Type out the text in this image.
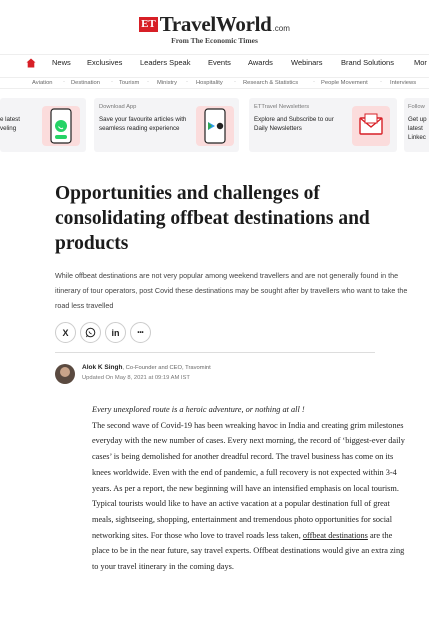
ET TravelWorld .com
From The Economic Times
News Exclusives Leaders Speak Events Awards Webinars Brand Solutions	Mor
Aviation · Destination · Tourism · Ministry · Hospitality · Research & Statistics · People Movement · Interviews
e latest
veling
Download App
Save your favourite articles with seamless reading experience
ETTravel Newsletters
Explore and Subscribe to our Daily Newsletters
Follow
Get up
latest
Linkec
Opportunities and challenges of consolidating offbeat destinations and products

While offbeat destinations are not very popular among weekend travellers and are not generally found in the itinerary of tour operators, post Covid these destinations may be sought after by travellers who want to take the road less travelled

X	in	•••
Alok K Singh, Co-Founder and CEO, Travomint
Updated On May 8, 2021 at 09:19 AM IST

Every unexplored route is a heroic adventure, or nothing at all !

The second wave of Covid-19 has been wreaking havoc in India and creating grim milestones everyday with the new number of cases. Every next morning, the record of ‘biggest-ever daily cases’ is being demolished for another dreadful record. The travel business has come on its knees worldwide. Even with the end of pandemic, a full recovery is not expected within 3-4 years. As per a report, the new beginning will have an intensified emphasis on local tourism.

Typical tourists would like to have an active vacation at a popular destination full of great meals, sightseeing, shopping, entertainment and tremendous photo opportunities for social networking sites. For those who love to travel roads less taken, offbeat destinations are the place to be in the near future, say travel experts. Offbeat destinations would give an extra zing to your travel itinerary in the coming days.
